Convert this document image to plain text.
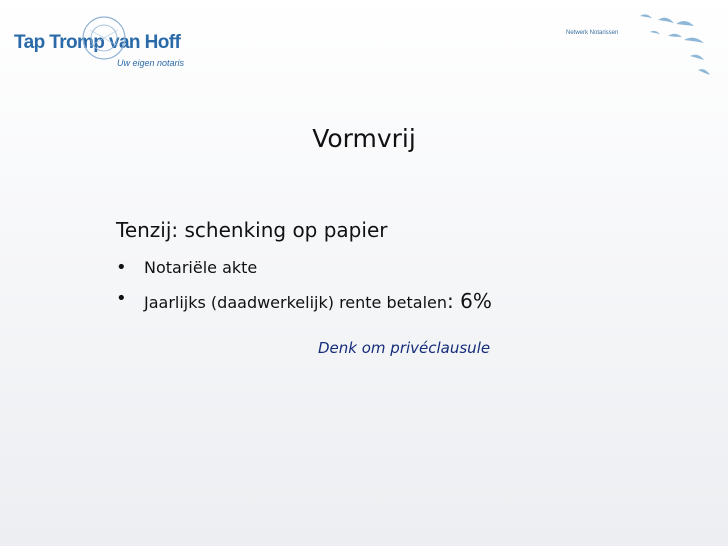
Tap Tromp van Hoff
Uw eigen notaris
Netwerk Notarissen
Vormvrij
Tenzij: schenking op papier
• Notariële akte
• Jaarlijks (daadwerkelijk) rente betalen: 6%
Denk om privéclausule
